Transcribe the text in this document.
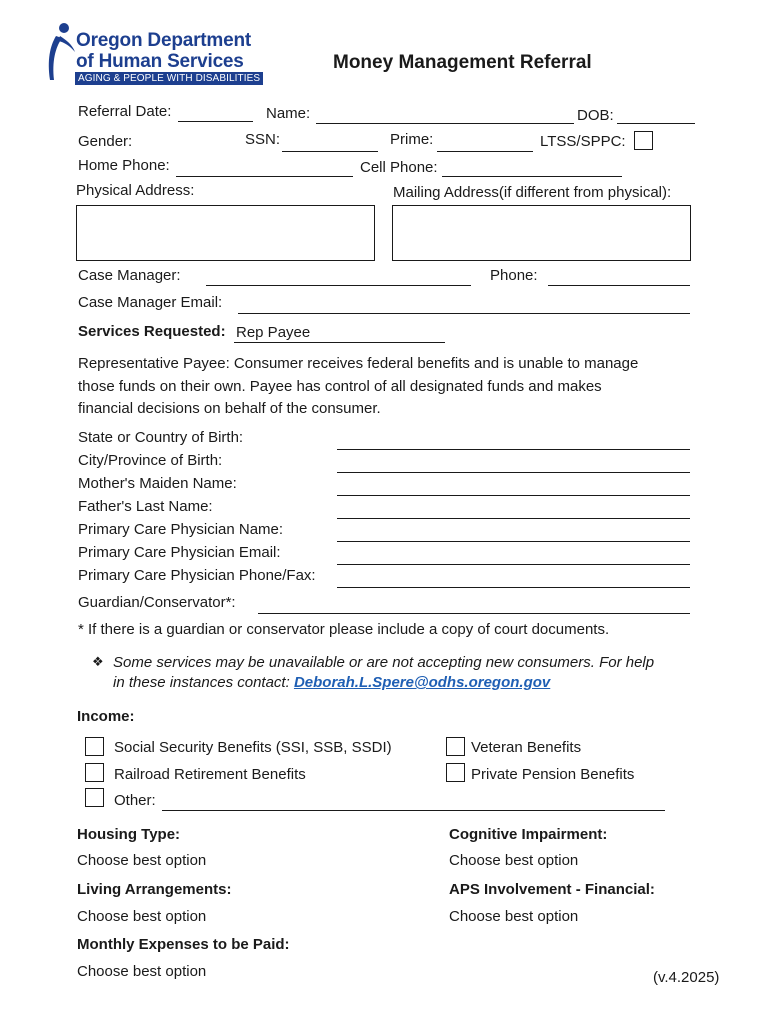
Oregon Department
of Human Services
AGING & PEOPLE WITH DISABILITIES
Money Management Referral
Referral Date:	Name:	DOB:
Gender:	SSN:	Prime:	LTSS/SPPC:
Home Phone:	Cell Phone:
Physical Address:	Mailing Address(if different from physical):
Case Manager:	Phone:
Case Manager Email:
Services Requested: Rep Payee
Representative Payee: Consumer receives federal benefits and is unable to manage
those funds on their own. Payee has control of all designated funds and makes
financial decisions on behalf of the consumer.
State or Country of Birth:
City/Province of Birth:
Mother's Maiden Name:
Father's Last Name:
Primary Care Physician Name:
Primary Care Physician Email:
Primary Care Physician Phone/Fax:
Guardian/Conservator*:
* If there is a guardian or conservator please include a copy of court documents.
❖ Some services may be unavailable or are not accepting new consumers. For help
in these instances contact: Deborah.L.Spere@odhs.oregon.gov
Income:
Social Security Benefits (SSI, SSB, SSDI)
Railroad Retirement Benefits
Other:
Veteran Benefits
Private Pension Benefits
Housing Type:
Choose best option
Cognitive Impairment:
Choose best option
Living Arrangements:
Choose best option
APS Involvement - Financial:
Choose best option
Monthly Expenses to be Paid:
Choose best option	(v.4.2025)
